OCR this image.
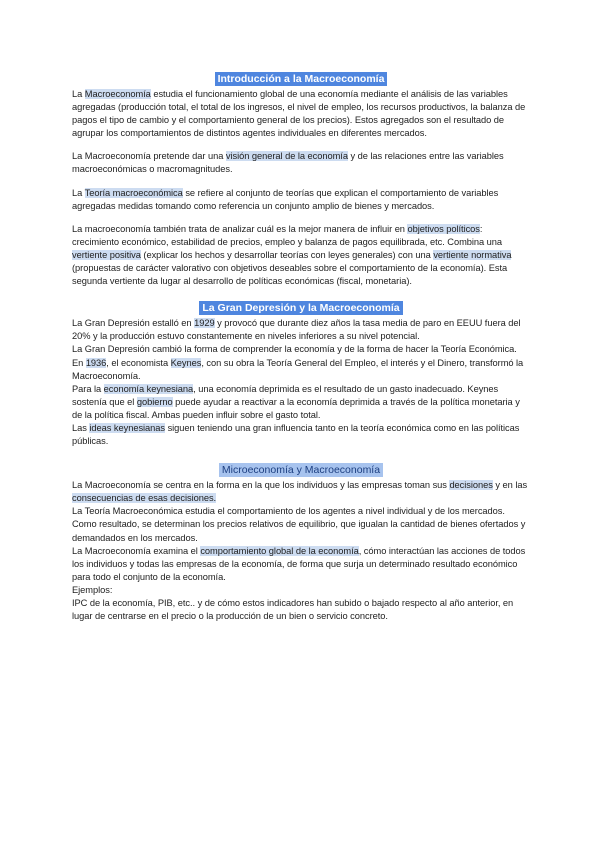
Introducción a la Macroeconomía

La Macroeconomía estudia el funcionamiento global de una economía mediante el análisis de las variables agregadas (producción total, el total de los ingresos, el nivel de empleo, los recursos productivos, la balanza de pagos el tipo de cambio y el comportamiento general de los precios). Estos agregados son el resultado de agrupar los comportamientos de distintos agentes individuales en diferentes mercados.

La Macroeconomía pretende dar una visión general de la economía y de las relaciones entre las variables macroeconómicas o macromagnitudes.

La Teoría macroeconómica se refiere al conjunto de teorías que explican el comportamiento de variables agregadas medidas tomando como referencia un conjunto amplio de bienes y mercados.

La macroeconomía también trata de analizar cuál es la mejor manera de influir en objetivos políticos: crecimiento económico, estabilidad de precios, empleo y balanza de pagos equilibrada, etc. Combina una vertiente positiva (explicar los hechos y desarrollar teorías con leyes generales) con una vertiente normativa (propuestas de carácter valorativo con objetivos deseables sobre el comportamiento de la economía). Esta segunda vertiente da lugar al desarrollo de políticas económicas (fiscal, monetaria).

La Gran Depresión y la Macroeconomía

La Gran Depresión estalló en 1929 y provocó que durante diez años la tasa media de paro en EEUU fuera del 20% y la producción estuvo constantemente en niveles inferiores a su nivel potencial.

La Gran Depresión cambió la forma de comprender la economía y de la forma de hacer la Teoría Económica.

En 1936, el economista Keynes, con su obra la Teoría General del Empleo, el interés y el Dinero, transformó la Macroeconomía.

Para la economía keynesiana, una economía deprimida es el resultado de un gasto inadecuado. Keynes sostenía que el gobierno puede ayudar a reactivar a la economía deprimida a través de la política monetaria y de la política fiscal. Ambas pueden influir sobre el gasto total.

Las ideas keynesianas siguen teniendo una gran influencia tanto en la teoría económica como en las políticas públicas.

Microeconomía y Macroeconomía

La Macroeconomía se centra en la forma en la que los individuos y las empresas toman sus decisiones y en las consecuencias de esas decisiones.

La Teoría Macroeconómica estudia el comportamiento de los agentes a nivel individual y de los mercados. Como resultado, se determinan los precios relativos de equilibrio, que igualan la cantidad de bienes ofertados y demandados en los mercados.

La Macroeconomía examina el comportamiento global de la economía, cómo interactúan las acciones de todos los individuos y todas las empresas de la economía, de forma que surja un determinado resultado económico para todo el conjunto de la economía.

Ejemplos:

IPC de la economía, PIB, etc.. y de cómo estos indicadores han subido o bajado respecto al año anterior, en lugar de centrarse en el precio o la producción de un bien o servicio concreto.
